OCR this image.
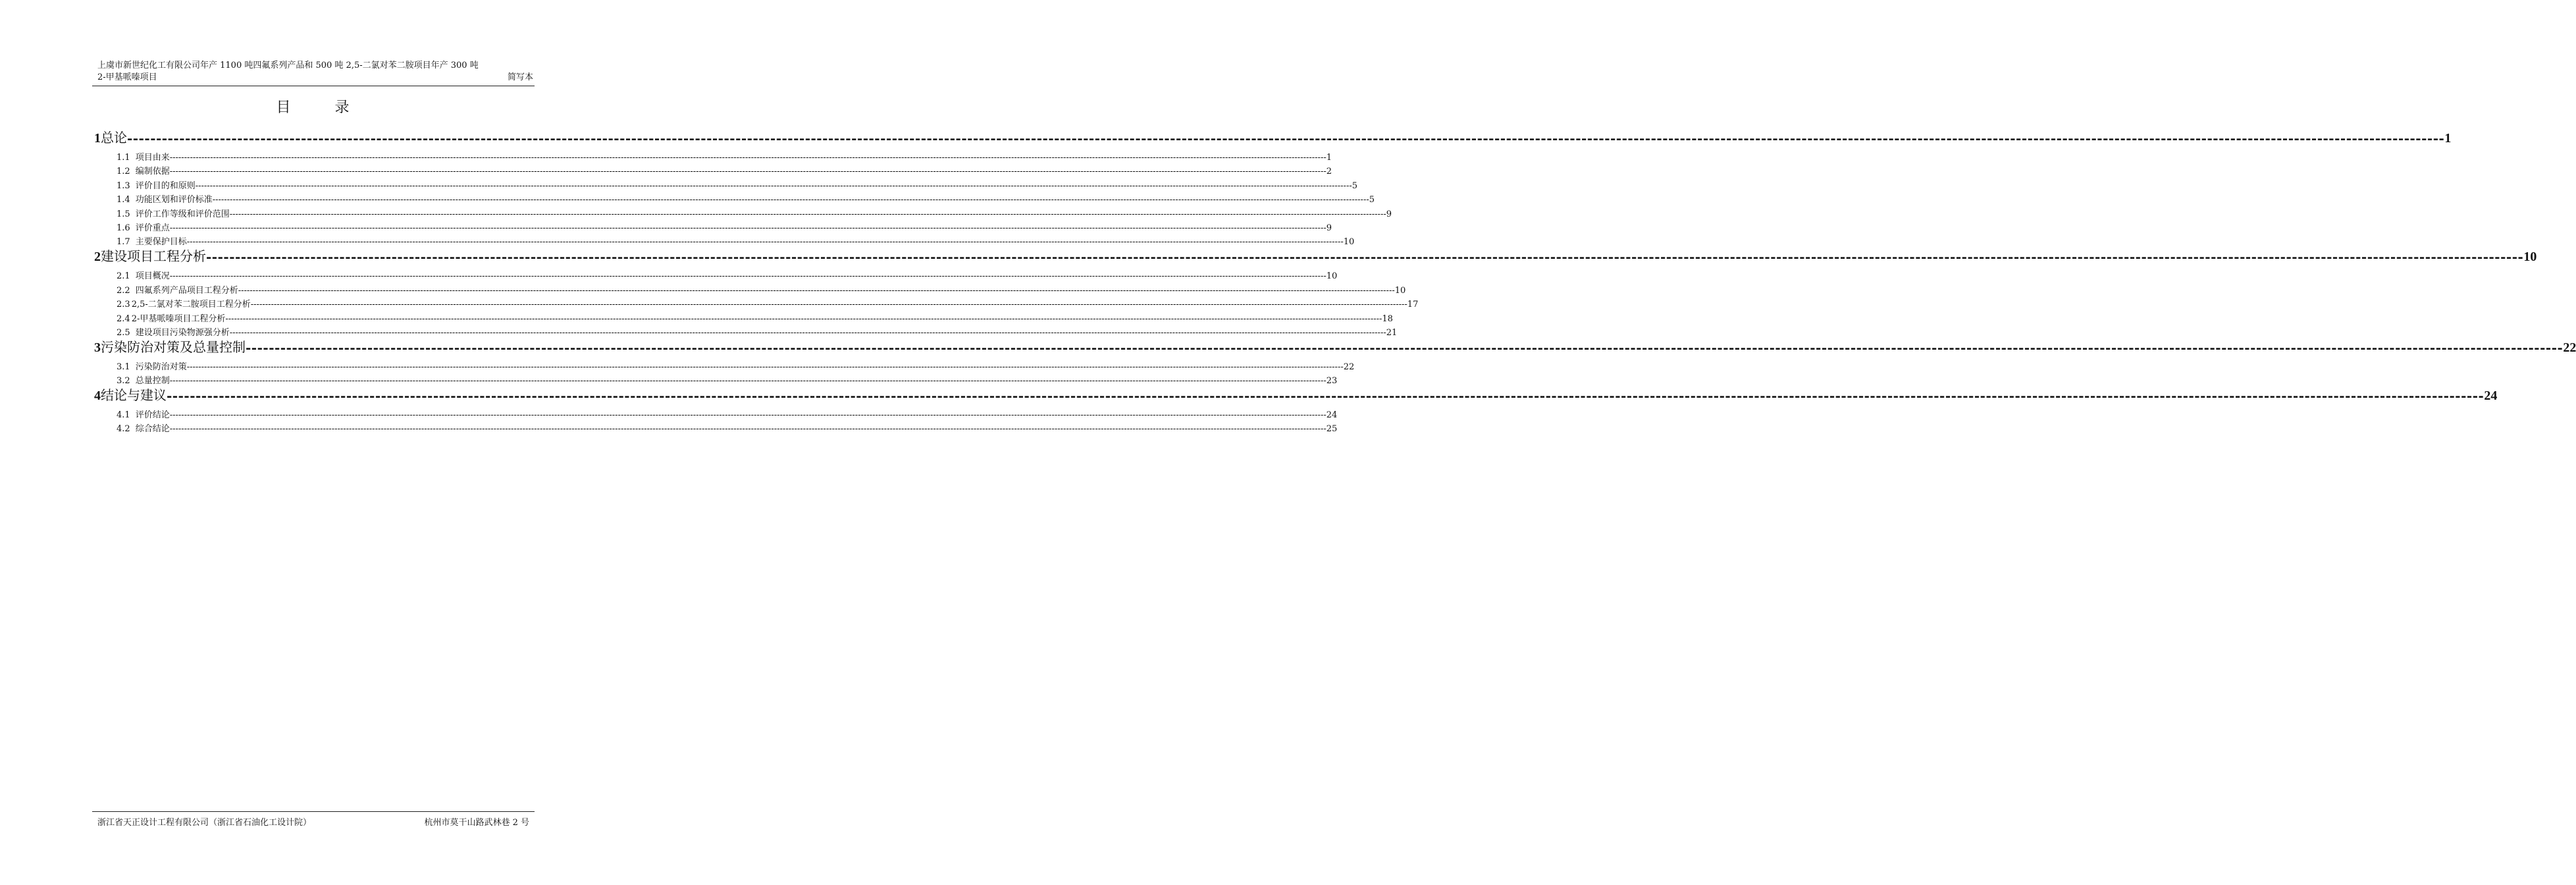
上虞市新世纪化工有限公司年产 1100 吨四氟系列产品和 500 吨 2,5-二氯对苯二胺项目年产 300 吨
2-甲基哌嗪项目	简写本
目 录
1 总论 ---------------------------------------------------------------------------------------------------------------------------------------------------------------------------------------------------------------------------------------------------------------------------------------------------------------------------------------------------------------------------------------------------------------- 1
1.1 项目由来 ---------------------------------------------------------------------------------------------------------------------------------------------------------------------------------------------------------------------------------------------------------------------------------------------------------------------------------------------------------------------------------------------------------------- 1
1.2 编制依据 ---------------------------------------------------------------------------------------------------------------------------------------------------------------------------------------------------------------------------------------------------------------------------------------------------------------------------------------------------------------------------------------------------------------- 2
1.3 评价目的和原则 ---------------------------------------------------------------------------------------------------------------------------------------------------------------------------------------------------------------------------------------------------------------------------------------------------------------------------------------------------------------------------------------------------------------- 5
1.4 功能区划和评价标准 ---------------------------------------------------------------------------------------------------------------------------------------------------------------------------------------------------------------------------------------------------------------------------------------------------------------------------------------------------------------------------------------------------------------- 5
1.5 评价工作等级和评价范围 ---------------------------------------------------------------------------------------------------------------------------------------------------------------------------------------------------------------------------------------------------------------------------------------------------------------------------------------------------------------------------------------------------------------- 9
1.6 评价重点 ---------------------------------------------------------------------------------------------------------------------------------------------------------------------------------------------------------------------------------------------------------------------------------------------------------------------------------------------------------------------------------------------------------------- 9
1.7 主要保护目标 ---------------------------------------------------------------------------------------------------------------------------------------------------------------------------------------------------------------------------------------------------------------------------------------------------------------------------------------------------------------------------------------------------------------- 10
2 建设项目工程分析 ---------------------------------------------------------------------------------------------------------------------------------------------------------------------------------------------------------------------------------------------------------------------------------------------------------------------------------------------------------------------------------------------------------------- 10
2.1 项目概况 ---------------------------------------------------------------------------------------------------------------------------------------------------------------------------------------------------------------------------------------------------------------------------------------------------------------------------------------------------------------------------------------------------------------- 10
2.2 四氟系列产品项目工程分析 ---------------------------------------------------------------------------------------------------------------------------------------------------------------------------------------------------------------------------------------------------------------------------------------------------------------------------------------------------------------------------------------------------------------- 10
2.3 2,5-二氯对苯二胺项目工程分析 ---------------------------------------------------------------------------------------------------------------------------------------------------------------------------------------------------------------------------------------------------------------------------------------------------------------------------------------------------------------------------------------------------------------- 17
2.4 2-甲基哌嗪项目工程分析 ---------------------------------------------------------------------------------------------------------------------------------------------------------------------------------------------------------------------------------------------------------------------------------------------------------------------------------------------------------------------------------------------------------------- 18
2.5 建设项目污染物源强分析 ---------------------------------------------------------------------------------------------------------------------------------------------------------------------------------------------------------------------------------------------------------------------------------------------------------------------------------------------------------------------------------------------------------------- 21
3 污染防治对策及总量控制 ---------------------------------------------------------------------------------------------------------------------------------------------------------------------------------------------------------------------------------------------------------------------------------------------------------------------------------------------------------------------------------------------------------------- 22
3.1 污染防治对策 ---------------------------------------------------------------------------------------------------------------------------------------------------------------------------------------------------------------------------------------------------------------------------------------------------------------------------------------------------------------------------------------------------------------- 22
3.2 总量控制 ---------------------------------------------------------------------------------------------------------------------------------------------------------------------------------------------------------------------------------------------------------------------------------------------------------------------------------------------------------------------------------------------------------------- 23
4 结论与建议 ---------------------------------------------------------------------------------------------------------------------------------------------------------------------------------------------------------------------------------------------------------------------------------------------------------------------------------------------------------------------------------------------------------------- 24
4.1 评价结论 ---------------------------------------------------------------------------------------------------------------------------------------------------------------------------------------------------------------------------------------------------------------------------------------------------------------------------------------------------------------------------------------------------------------- 24
4.2 综合结论 ---------------------------------------------------------------------------------------------------------------------------------------------------------------------------------------------------------------------------------------------------------------------------------------------------------------------------------------------------------------------------------------------------------------- 25
浙江省天正设计工程有限公司（浙江省石油化工设计院）	杭州市莫干山路武林巷 2 号
